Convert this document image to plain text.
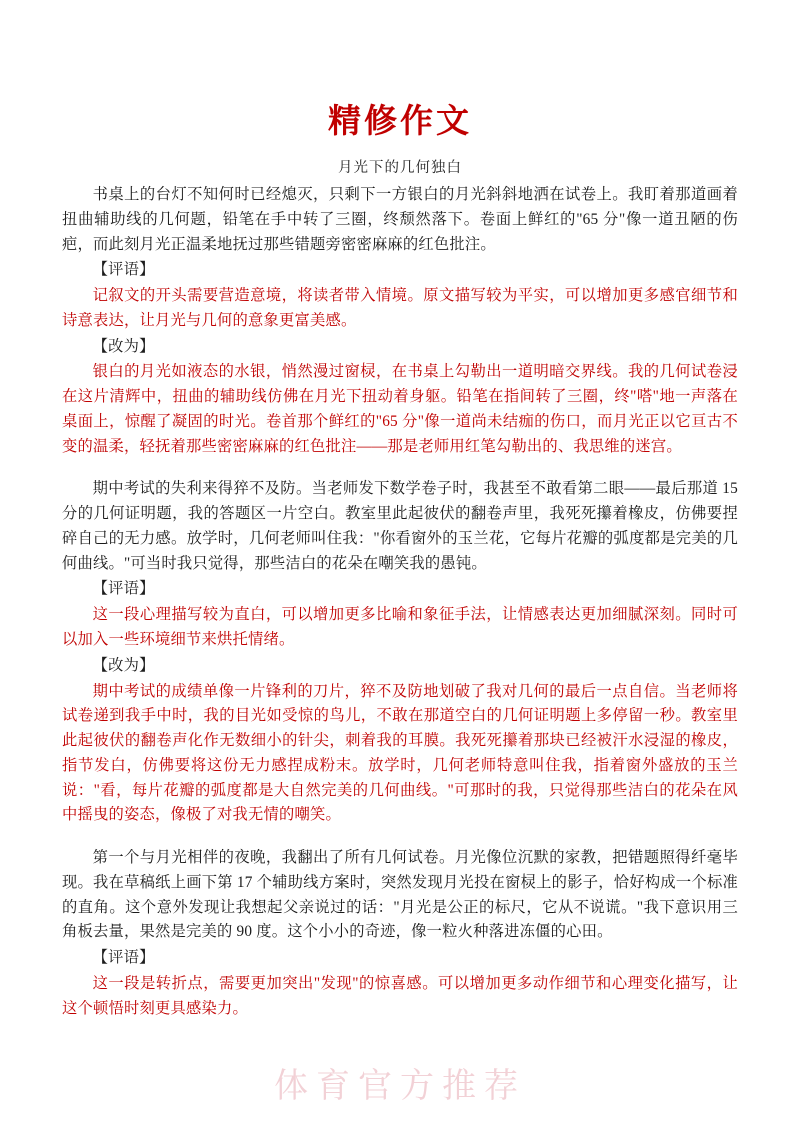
精修作文
月光下的几何独白

书桌上的台灯不知何时已经熄灭，只剩下一方银白的月光斜斜地洒在试卷上。我盯着那道画着扭曲辅助线的几何题，铅笔在手中转了三圈，终颓然落下。卷面上鲜红的"65 分"像一道丑陋的伤疤，而此刻月光正温柔地抚过那些错题旁密密麻麻的红色批注。

【评语】

记叙文的开头需要营造意境，将读者带入情境。原文描写较为平实，可以增加更多感官细节和诗意表达，让月光与几何的意象更富美感。

【改为】

银白的月光如液态的水银，悄然漫过窗棂，在书桌上勾勒出一道明暗交界线。我的几何试卷浸在这片清辉中，扭曲的辅助线仿佛在月光下扭动着身躯。铅笔在指间转了三圈，终"嗒"地一声落在桌面上，惊醒了凝固的时光。卷首那个鲜红的"65 分"像一道尚未结痂的伤口，而月光正以它亘古不变的温柔，轻抚着那些密密麻麻的红色批注——那是老师用红笔勾勒出的、我思维的迷宫。

期中考试的失利来得猝不及防。当老师发下数学卷子时，我甚至不敢看第二眼——最后那道 15 分的几何证明题，我的答题区一片空白。教室里此起彼伏的翻卷声里，我死死攥着橡皮，仿佛要捏碎自己的无力感。放学时，几何老师叫住我："你看窗外的玉兰花，它每片花瓣的弧度都是完美的几何曲线。"可当时我只觉得，那些洁白的花朵在嘲笑我的愚钝。

【评语】

这一段心理描写较为直白，可以增加更多比喻和象征手法，让情感表达更加细腻深刻。同时可以加入一些环境细节来烘托情绪。

【改为】

期中考试的成绩单像一片锋利的刀片，猝不及防地划破了我对几何的最后一点自信。当老师将试卷递到我手中时，我的目光如受惊的鸟儿，不敢在那道空白的几何证明题上多停留一秒。教室里此起彼伏的翻卷声化作无数细小的针尖，刺着我的耳膜。我死死攥着那块已经被汗水浸湿的橡皮，指节发白，仿佛要将这份无力感捏成粉末。放学时，几何老师特意叫住我，指着窗外盛放的玉兰说："看，每片花瓣的弧度都是大自然完美的几何曲线。"可那时的我，只觉得那些洁白的花朵在风中摇曳的姿态，像极了对我无情的嘲笑。

第一个与月光相伴的夜晚，我翻出了所有几何试卷。月光像位沉默的家教，把错题照得纤毫毕现。我在草稿纸上画下第 17 个辅助线方案时，突然发现月光投在窗棂上的影子，恰好构成一个标准的直角。这个意外发现让我想起父亲说过的话："月光是公正的标尺，它从不说谎。"我下意识用三角板去量，果然是完美的 90 度。这个小小的奇迹，像一粒火种落进冻僵的心田。

【评语】

这一段是转折点，需要更加突出"发现"的惊喜感。可以增加更多动作细节和心理变化描写，让这个顿悟时刻更具感染力。

体育官方推荐
